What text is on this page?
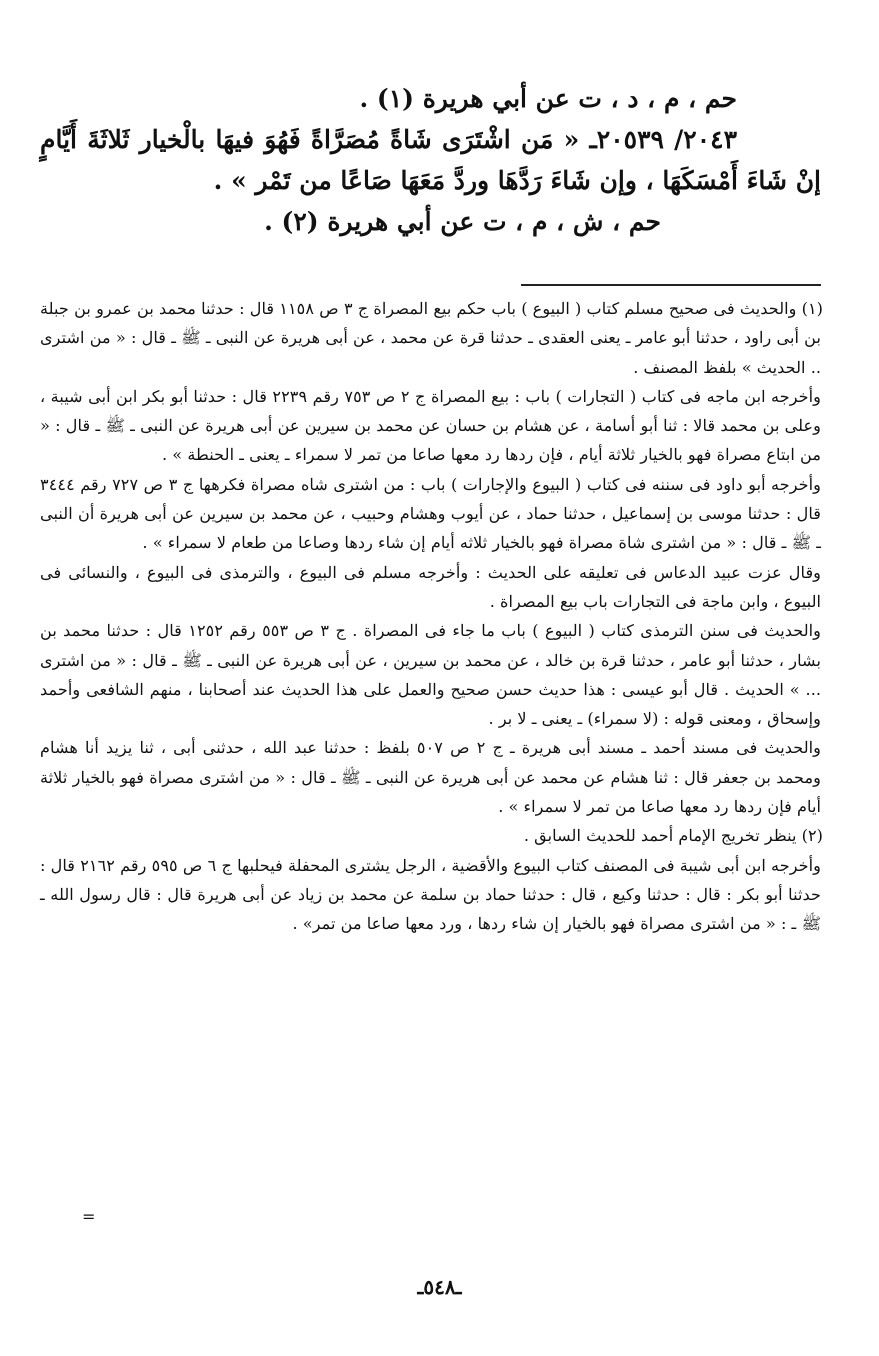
حم ، م ، د ، ت عن أبي هريرة (١) .

٢٠٤٣/ ٢٠٥٣٩ـ « مَن اشْتَرَى شَاةً مُصَرَّاةً فَهُوَ فيهَا بالْخيار ثَلاثَةَ أَيَّامٍ إنْ شَاءَ أَمْسَكَهَا ، وإن شَاءَ رَدَّهَا وردَّ مَعَهَا صَاعًا من تَمْر » .

حم ، ش ، م ، ت عن أبي هريرة (٢) .

(١) والحديث فى صحيح مسلم كتاب ( البيوع ) باب حكم بيع المصراة ج ٣ ص ١١٥٨ قال : حدثنا محمد بن عمرو بن جبلة بن أبى راود ، حدثنا أبو عامر ـ يعنى العقدى ـ حدثنا قرة عن محمد ، عن أبى هريرة عن النبى ـ ﷺ ـ قال : « من اشترى .. الحديث » بلفظ المصنف .

وأخرجه ابن ماجه فى كتاب ( التجارات ) باب : بيع المصراة ج ٢ ص ٧٥٣ رقم ٢٢٣٩ قال : حدثنا أبو بكر ابن أبى شيبة ، وعلى بن محمد قالا : ثنا أبو أسامة ، عن هشام بن حسان عن محمد بن سيرين عن أبى هريرة عن النبى ـ ﷺ ـ قال : « من ابتاع مصراة فهو بالخيار ثلاثة أيام ، فإن ردها رد معها صاعا من تمر لا سمراء ـ يعنى ـ الحنطة » .

وأخرجه أبو داود فى سننه فى كتاب ( البيوع والإجارات ) باب : من اشترى شاه مصراة فكرهها ج ٣ ص ٧٢٧ رقم ٣٤٤٤ قال : حدثنا موسى بن إسماعيل ، حدثنا حماد ، عن أيوب وهشام وحبيب ، عن محمد بن سيرين عن أبى هريرة أن النبى ـ ﷺ ـ قال : « من اشترى شاة مصراة فهو بالخيار ثلاثه أيام إن شاء ردها وصاعا من طعام لا سمراء » .

وقال عزت عبيد الدعاس فى تعليقه على الحديث : وأخرجه مسلم فى البيوع ، والترمذى فى البيوع ، والنسائى فى البيوع ، وابن ماجة فى التجارات باب بيع المصراة .

والحديث فى سنن الترمذى كتاب ( البيوع ) باب ما جاء فى المصراة . ج ٣ ص ٥٥٣ رقم ١٢٥٢ قال : حدثنا محمد بن بشار ، حدثنا أبو عامر ، حدثنا قرة بن خالد ، عن محمد بن سيرين ، عن أبى هريرة عن النبى ـ ﷺ ـ قال : « من اشترى ... » الحديث . قال أبو عيسى : هذا حديث حسن صحيح والعمل على هذا الحديث عند أصحابنا ، منهم الشافعى وأحمد وإسحاق ، ومعنى قوله : (لا سمراء) ـ يعنى ـ لا بر .

والحديث فى مسند أحمد ـ مسند أبى هريرة ـ ج ٢ ص ٥٠٧ بلفظ : حدثنا عبد الله ، حدثنى أبى ، ثنا يزيد أنا هشام ومحمد بن جعفر قال : ثنا هشام عن محمد عن أبى هريرة عن النبى ـ ﷺ ـ قال : « من اشترى مصراة فهو بالخيار ثلاثة أيام فإن ردها رد معها صاعا من تمر لا سمراء » .

(٢) ينظر تخريج الإمام أحمد للحديث السابق .

وأخرجه ابن أبى شيبة فى المصنف كتاب البيوع والأقضية ، الرجل يشترى المحفلة فيحلبها ج ٦ ص ٥٩٥ رقم ٢١٦٢ قال : حدثنا أبو بكر : قال : حدثنا وكيع ، قال : حدثنا حماد بن سلمة عن محمد بن زياد عن أبى هريرة قال : قال رسول الله ـ ﷺ ـ : « من اشترى مصراة فهو بالخيار إن شاء ردها ، ورد معها صاعا من تمر» .

=
ـ٥٤٨ـ
